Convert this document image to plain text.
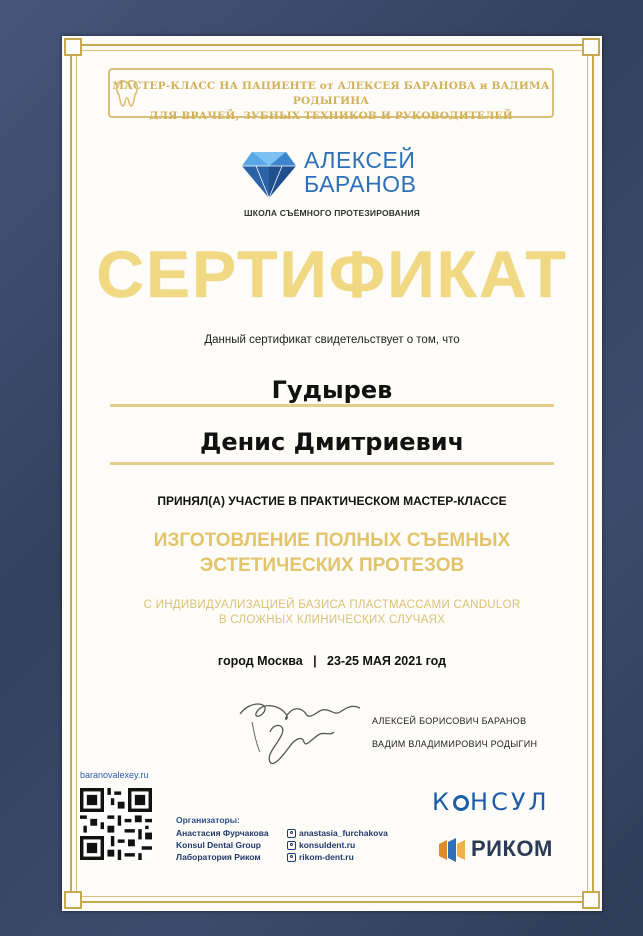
МАСТЕР-КЛАСС НА ПАЦИЕНТЕ от АЛЕКСЕЯ БАРАНОВА и ВАДИМА РОДЫГИНА
ДЛЯ ВРАЧЕЙ, ЗУБНЫХ ТЕХНИКОВ И РУКОВОДИТЕЛЕЙ
АЛЕКСЕЙ
БАРАНОВ
ШКОЛА СЪЁМНОГО ПРОТЕЗИРОВАНИЯ
СЕРТИФИКАТ
Данный сертификат свидетельствует о том, что
Гудырев
Денис Дмитриевич
ПРИНЯЛ(А) УЧАСТИЕ В ПРАКТИЧЕСКОМ МАСТЕР-КЛАССЕ
ИЗГОТОВЛЕНИЕ ПОЛНЫХ СЪЕМНЫХ
ЭСТЕТИЧЕСКИХ ПРОТЕЗОВ
С ИНДИВИДУАЛИЗАЦИЕЙ БАЗИСА ПЛАСТМАССАМИ CANDULOR
В СЛОЖНЫХ КЛИНИЧЕСКИХ СЛУЧАЯХ
город Москва   |   23-25 МАЯ 2021 год
АЛЕКСЕЙ БОРИСОВИЧ БАРАНОВ
ВАДИМ ВЛАДИМИРОВИЧ РОДЫГИН
baranovalexey.ru
Организаторы:
Анастасия Фурчакова
Konsul Dental Group
Лаборатория Риком
anastasia_furchakova
konsuldent.ru
rikom-dent.ru
К НСУЛ
РИКОМ
